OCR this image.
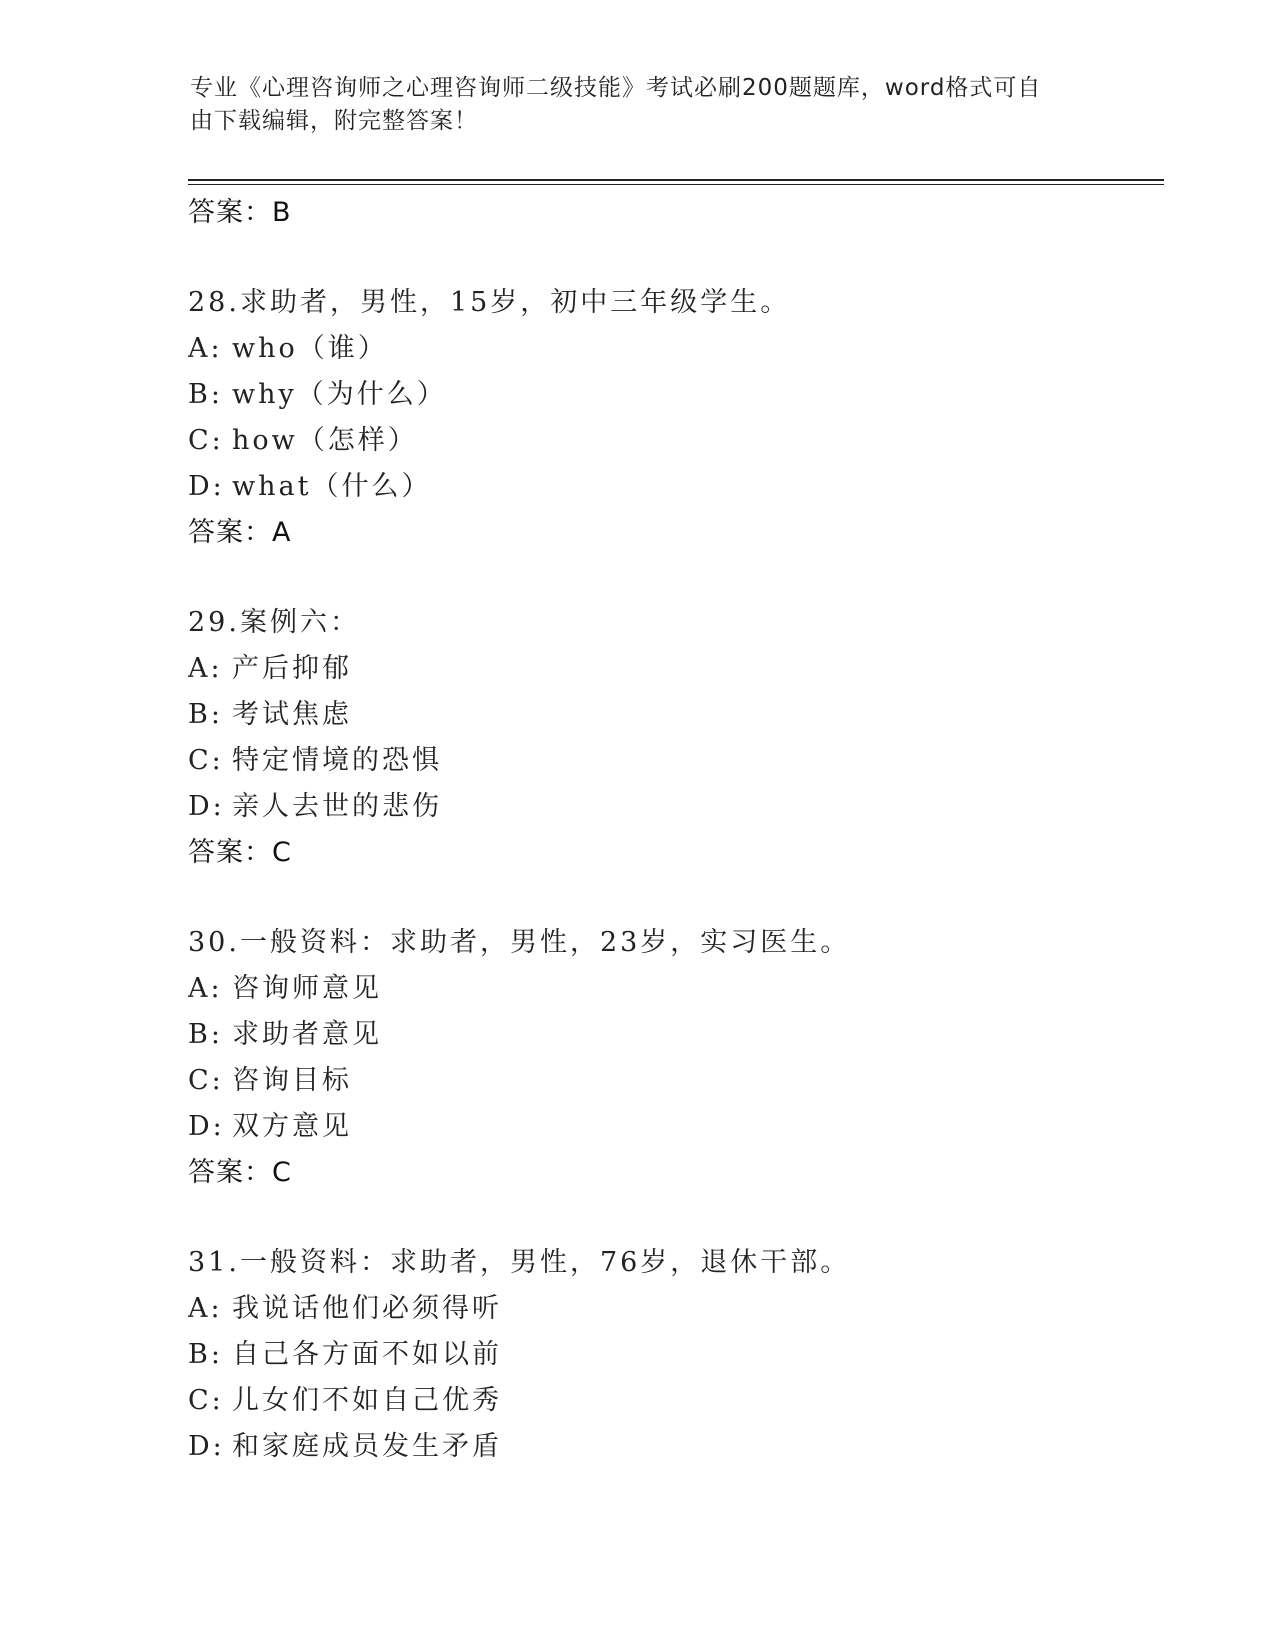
专业《心理咨询师之心理咨询师二级技能》考试必刷200题题库，word格式可自
由下载编辑，附完整答案！
答案：B
28.求助者，男性，15岁，初中三年级学生。
A: who（谁）
B: why（为什么）
C: how（怎样）
D: what（什么）
答案：A
29.案例六：
A: 产后抑郁
B: 考试焦虑
C: 特定情境的恐惧
D: 亲人去世的悲伤
答案：C
30.一般资料：求助者，男性，23岁，实习医生。
A: 咨询师意见
B: 求助者意见
C: 咨询目标
D: 双方意见
答案：C
31.一般资料：求助者，男性，76岁，退休干部。
A: 我说话他们必须得听
B: 自己各方面不如以前
C: 儿女们不如自己优秀
D: 和家庭成员发生矛盾
